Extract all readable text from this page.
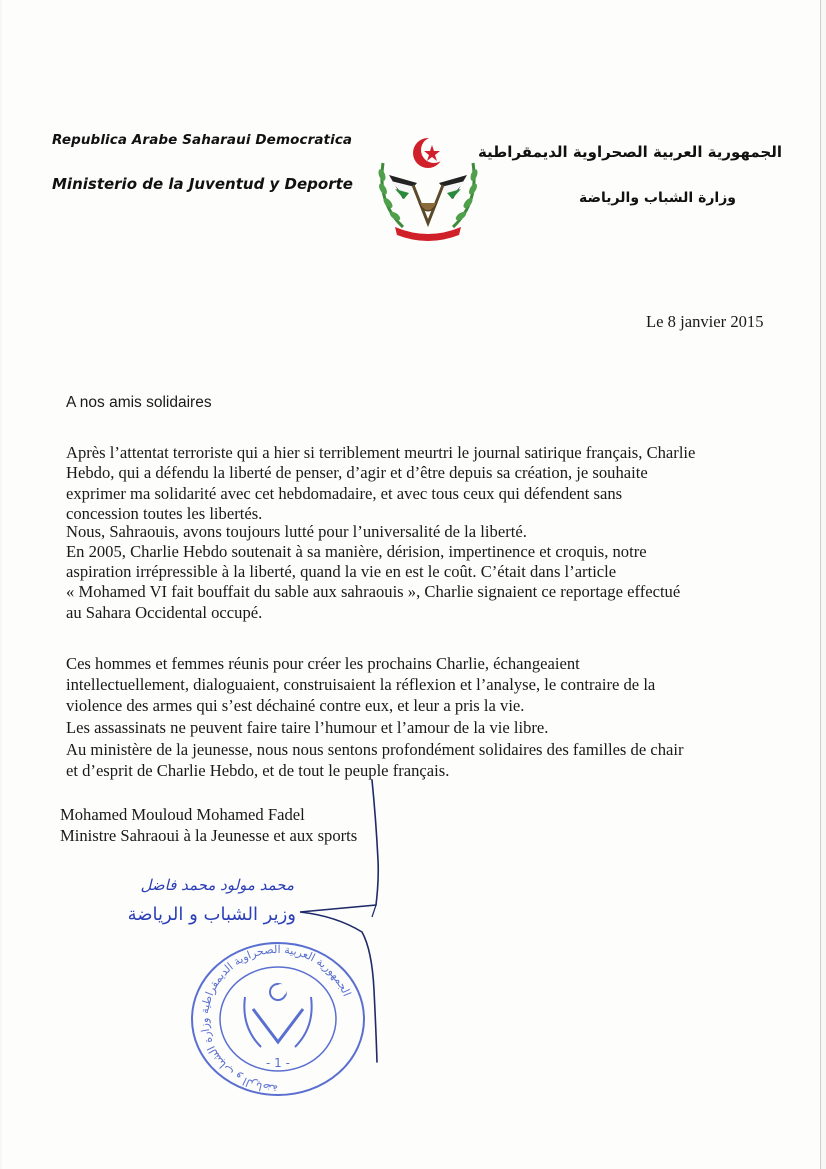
Republica Arabe Saharaui Democratica
Ministerio de la Juventud y Deporte
الجمهورية العربية الصحراوية الديمقراطية
وزارة الشباب والرياضة
Le 8 janvier 2015
A nos amis solidaires
Après l’attentat terroriste qui a hier si terriblement meurtri le journal satirique français, Charlie
Hebdo, qui a défendu la liberté de penser, d’agir et d’être depuis sa création, je souhaite
exprimer ma solidarité avec cet hebdomadaire, et avec tous ceux qui défendent sans
concession toutes les libertés.
Nous, Sahraouis, avons toujours lutté pour l’universalité de la liberté.
En 2005, Charlie Hebdo soutenait à sa manière, dérision, impertinence et croquis, notre
aspiration irrépressible à la liberté, quand la vie en est le coût. C’était dans l’article
« Mohamed VI fait bouffait du sable aux sahraouis », Charlie signaient ce reportage effectué
au Sahara Occidental occupé.
Ces hommes et femmes réunis pour créer les prochains Charlie, échangeaient
intellectuellement, dialoguaient, construisaient la réflexion et l’analyse, le contraire de la
violence des armes qui s’est déchainé contre eux, et leur a pris la vie.
Les assassinats ne peuvent faire taire l’humour et l’amour de la vie libre.
Au ministère de la jeunesse, nous nous sentons profondément solidaires des familles de chair
et d’esprit de Charlie Hebdo, et de tout le peuple français.
Mohamed Mouloud Mohamed Fadel
Ministre Sahraoui à la Jeunesse et aux sports
محمد مولود محمد فاضل
وزير الشباب و الرياضة
الجمهورية العربية الصحراوية الديمقراطية وزارة الشباب و الرياضة
- 1 -
